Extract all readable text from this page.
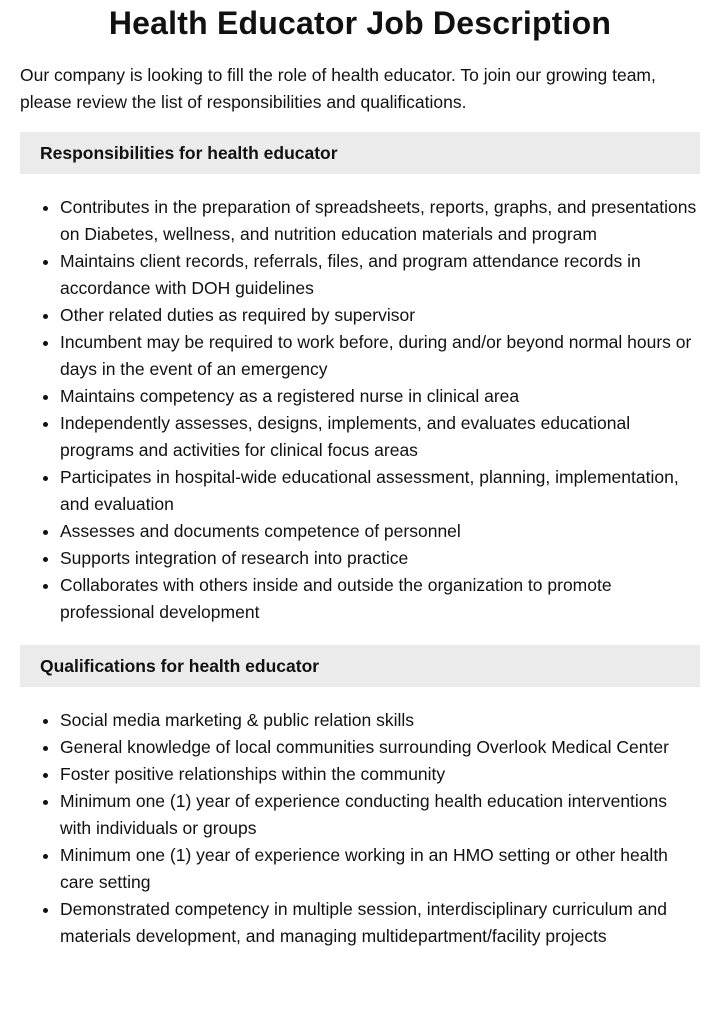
Health Educator Job Description

Our company is looking to fill the role of health educator. To join our growing team, please review the list of responsibilities and qualifications.

Responsibilities for health educator
• Contributes in the preparation of spreadsheets, reports, graphs, and presentations on Diabetes, wellness, and nutrition education materials and program
• Maintains client records, referrals, files, and program attendance records in accordance with DOH guidelines
• Other related duties as required by supervisor
• Incumbent may be required to work before, during and/or beyond normal hours or days in the event of an emergency
• Maintains competency as a registered nurse in clinical area
• Independently assesses, designs, implements, and evaluates educational programs and activities for clinical focus areas
• Participates in hospital-wide educational assessment, planning, implementation, and evaluation
• Assesses and documents competence of personnel
• Supports integration of research into practice
• Collaborates with others inside and outside the organization to promote professional development
Qualifications for health educator
• Social media marketing & public relation skills
• General knowledge of local communities surrounding Overlook Medical Center
• Foster positive relationships within the community
• Minimum one (1) year of experience conducting health education interventions with individuals or groups
• Minimum one (1) year of experience working in an HMO setting or other health care setting
• Demonstrated competency in multiple session, interdisciplinary curriculum and materials development, and managing multidepartment/facility projects
